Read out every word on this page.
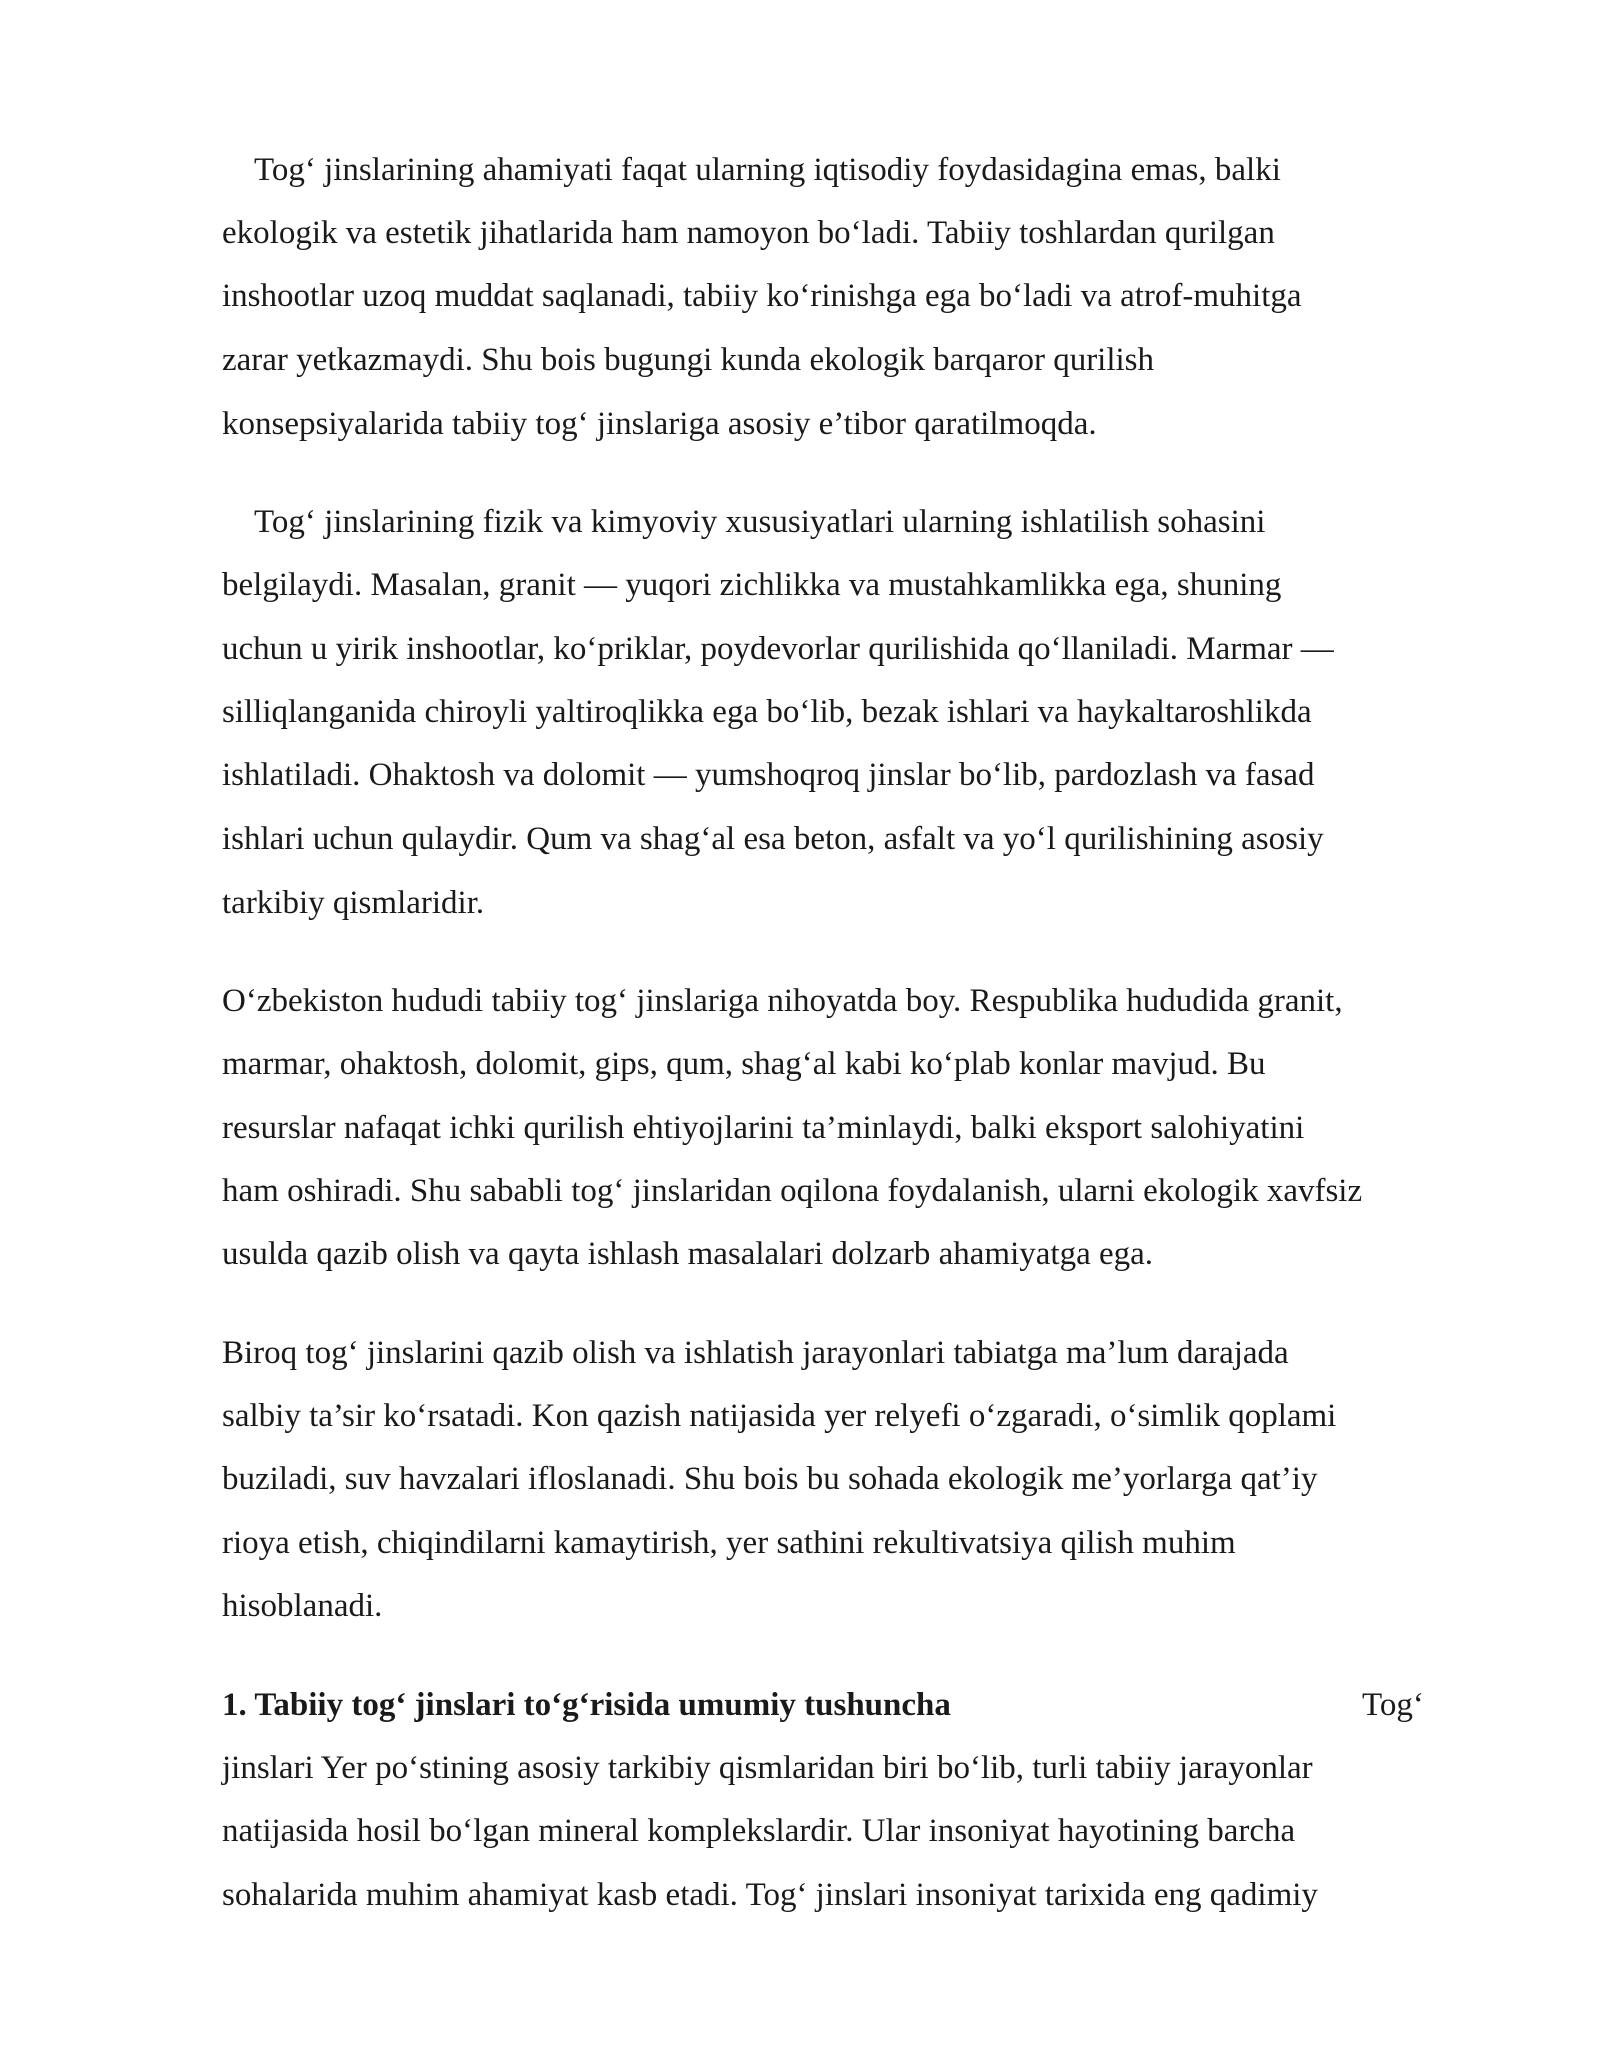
Tog‘ jinslarining ahamiyati faqat ularning iqtisodiy foydasidagina emas, balki

ekologik va estetik jihatlarida ham namoyon bo‘ladi. Tabiiy toshlardan qurilgan

inshootlar uzoq muddat saqlanadi, tabiiy ko‘rinishga ega bo‘ladi va atrof-muhitga

zarar yetkazmaydi. Shu bois bugungi kunda ekologik barqaror qurilish

konsepsiyalarida tabiiy tog‘ jinslariga asosiy e’tibor qaratilmoqda.

Tog‘ jinslarining fizik va kimyoviy xususiyatlari ularning ishlatilish sohasini

belgilaydi. Masalan, granit — yuqori zichlikka va mustahkamlikka ega, shuning

uchun u yirik inshootlar, ko‘priklar, poydevorlar qurilishida qo‘llaniladi. Marmar —

silliqlanganida chiroyli yaltiroqlikka ega bo‘lib, bezak ishlari va haykaltaroshlikda

ishlatiladi. Ohaktosh va dolomit — yumshoqroq jinslar bo‘lib, pardozlash va fasad

ishlari uchun qulaydir. Qum va shag‘al esa beton, asfalt va yo‘l qurilishining asosiy

tarkibiy qismlaridir.

O‘zbekiston hududi tabiiy tog‘ jinslariga nihoyatda boy. Respublika hududida granit,

marmar, ohaktosh, dolomit, gips, qum, shag‘al kabi ko‘plab konlar mavjud. Bu

resurslar nafaqat ichki qurilish ehtiyojlarini ta’minlaydi, balki eksport salohiyatini

ham oshiradi. Shu sababli tog‘ jinslaridan oqilona foydalanish, ularni ekologik xavfsiz

usulda qazib olish va qayta ishlash masalalari dolzarb ahamiyatga ega.

Biroq tog‘ jinslarini qazib olish va ishlatish jarayonlari tabiatga ma’lum darajada

salbiy ta’sir ko‘rsatadi. Kon qazish natijasida yer relyefi o‘zgaradi, o‘simlik qoplami

buziladi, suv havzalari ifloslanadi. Shu bois bu sohada ekologik me’yorlarga qat’iy

rioya etish, chiqindilarni kamaytirish, yer sathini rekultivatsiya qilish muhim

hisoblanadi.

1. Tabiiy tog‘ jinslari to‘g‘risida umumiy tushuncha	Tog‘

jinslari Yer po‘stining asosiy tarkibiy qismlaridan biri bo‘lib, turli tabiiy jarayonlar

natijasida hosil bo‘lgan mineral komplekslardir. Ular insoniyat hayotining barcha

sohalarida muhim ahamiyat kasb etadi. Tog‘ jinslari insoniyat tarixida eng qadimiy
